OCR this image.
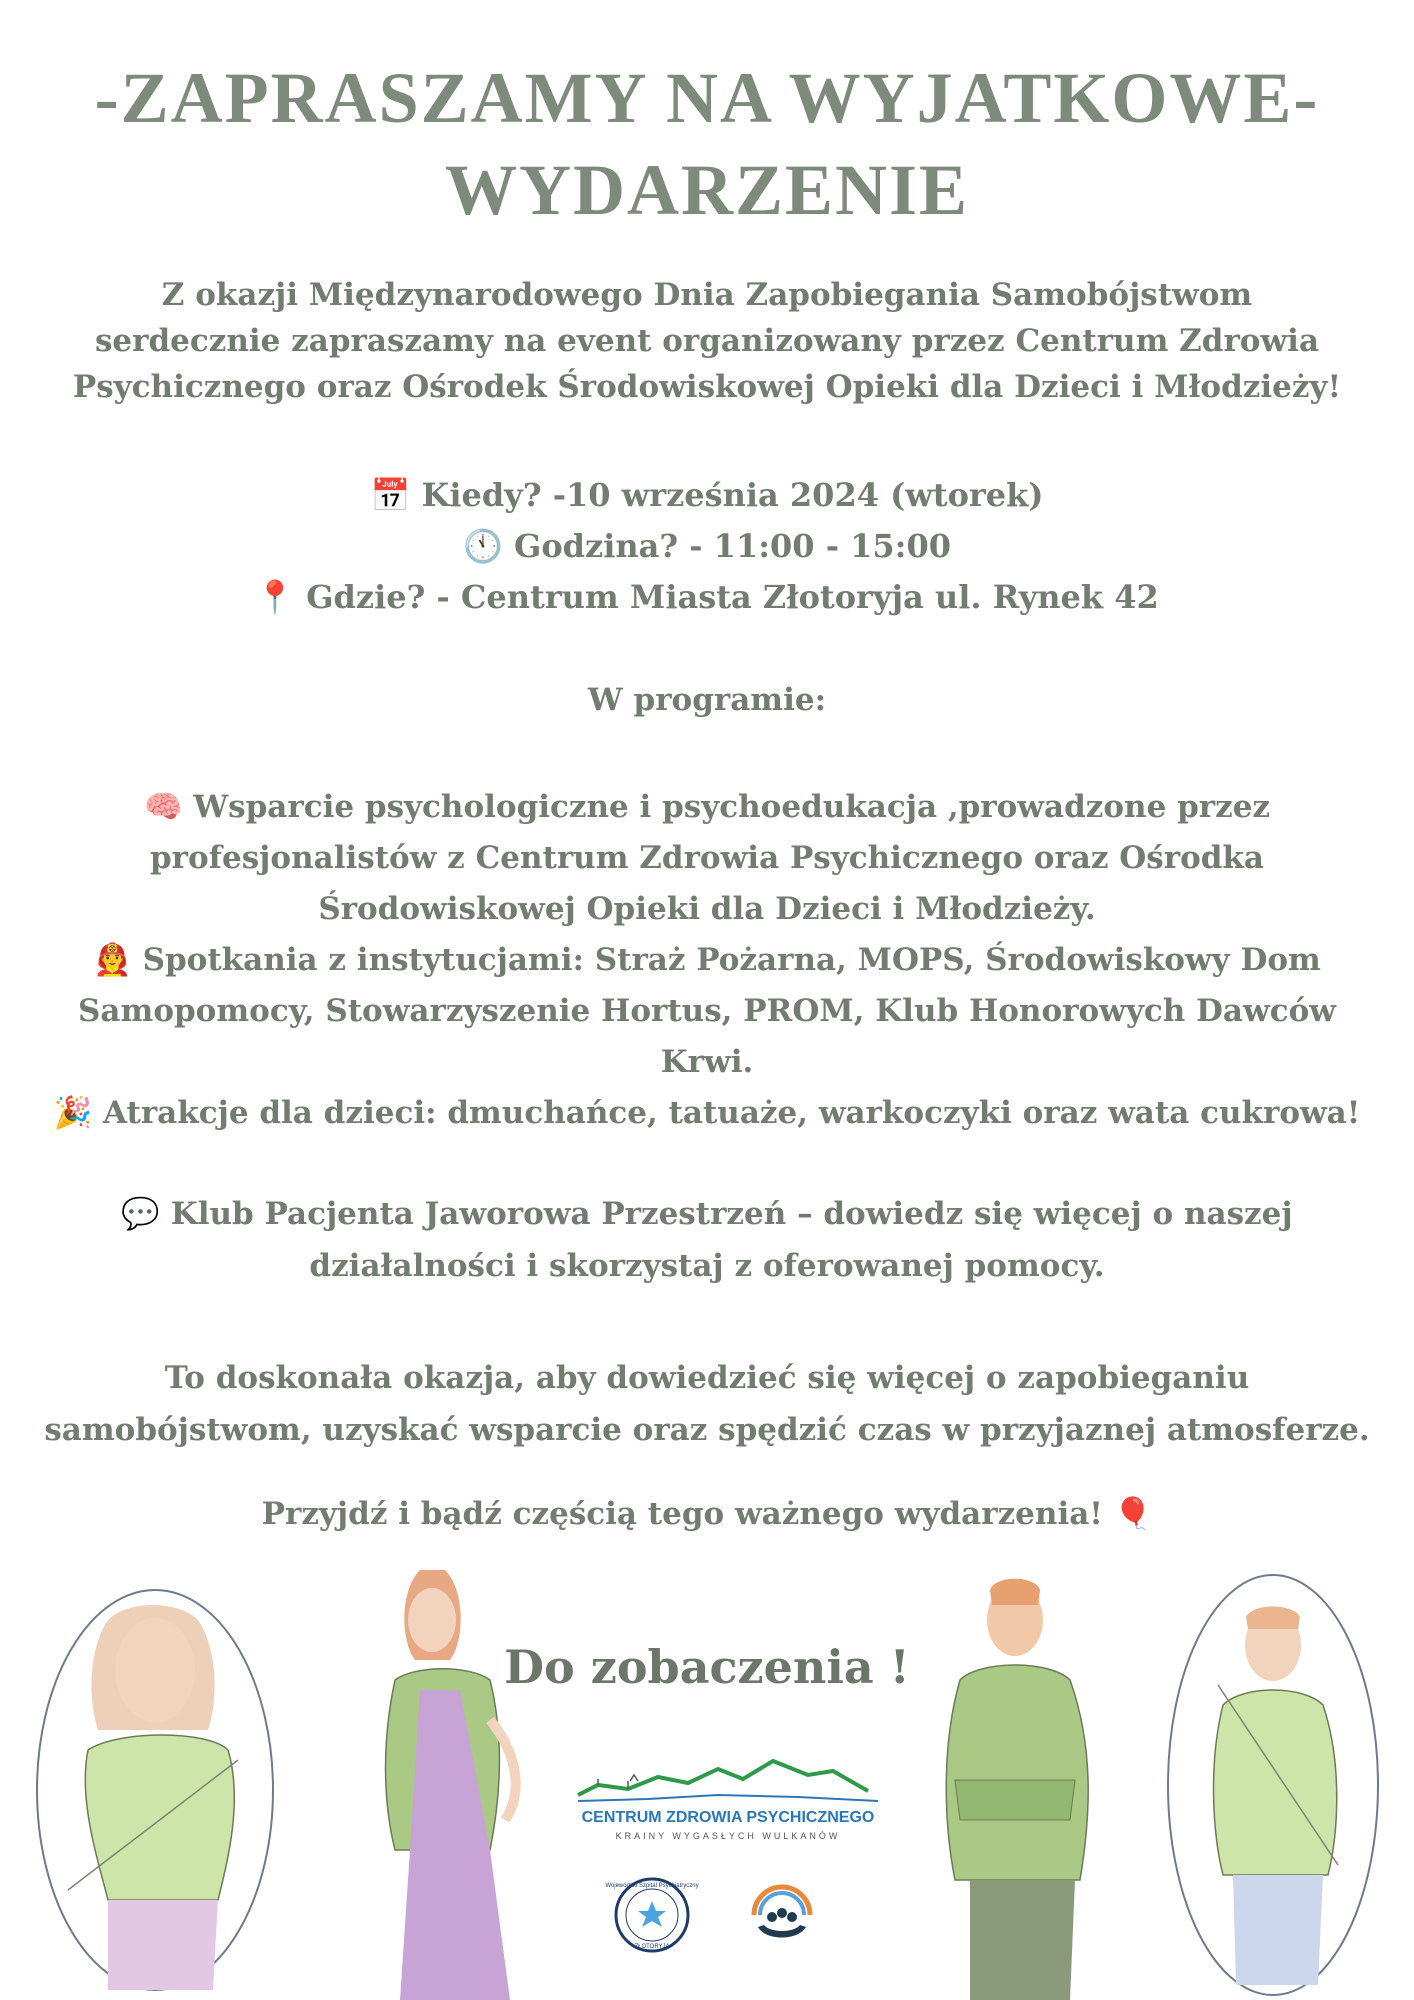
-ZAPRASZAMY NA WYJATKOWE-
WYDARZENIE
Z okazji Międzynarodowego Dnia Zapobiegania Samobójstwom
serdecznie zapraszamy na event organizowany przez Centrum Zdrowia
Psychicznego oraz Ośrodek Środowiskowej Opieki dla Dzieci i Młodzieży!
📅 Kiedy? -10 września 2024 (wtorek)
🕚 Godzina? - 11:00 - 15:00
📍 Gdzie? - Centrum Miasta Złotoryja ul. Rynek 42
W programie:
🧠 Wsparcie psychologiczne i psychoedukacja ,prowadzone przez
profesjonalistów z Centrum Zdrowia Psychicznego oraz Ośrodka
Środowiskowej Opieki dla Dzieci i Młodzieży.
👨‍🚒 Spotkania z instytucjami: Straż Pożarna, MOPS, Środowiskowy Dom
Samopomocy, Stowarzyszenie Hortus, PROM, Klub Honorowych Dawców
Krwi.
🎉 Atrakcje dla dzieci: dmuchańce, tatuaże, warkoczyki oraz wata cukrowa!
💬 Klub Pacjenta Jaworowa Przestrzeń – dowiedz się więcej o naszej
działalności i skorzystaj z oferowanej pomocy.
To doskonała okazja, aby dowiedzieć się więcej o zapobieganiu
samobójstwom, uzyskać wsparcie oraz spędzić czas w przyjaznej atmosferze.
Przyjdź i bądź częścią tego ważnego wydarzenia! 🎈
Do zobaczenia !
CENTRUM ZDROWIA PSYCHICZNEGO
KRAINY WYGASŁYCH WULKANÓW
Wojewódzki Szpital Psychiatryczny
ZŁOTORYJA
